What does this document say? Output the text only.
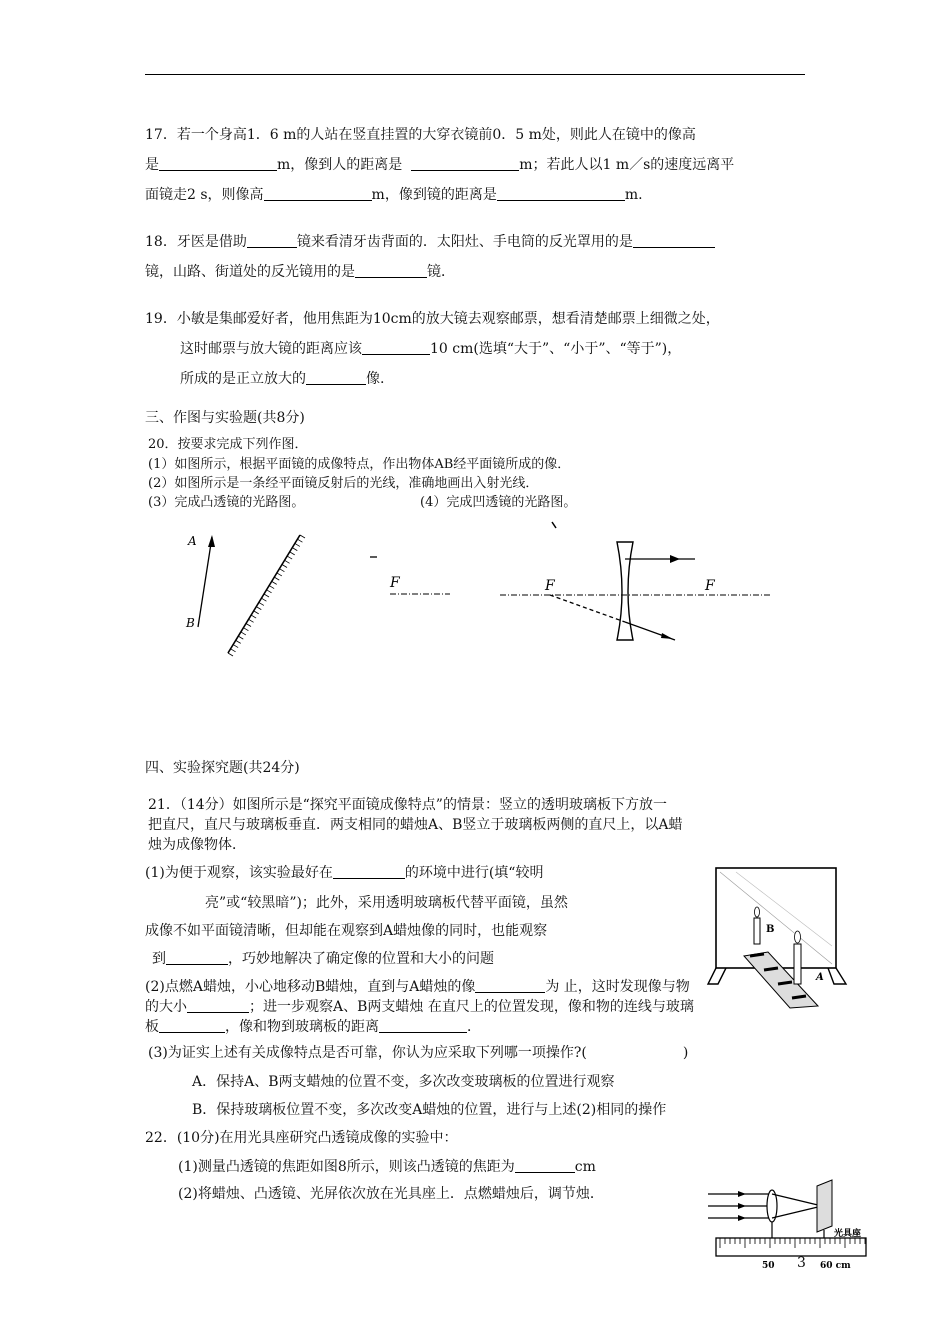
17．若一个身高1．6 m的人站在竖直挂置的大穿衣镜前0．5 m处，则此人在镜中的像高
是	m，像到人的距离是	m；若此人以1 m／s的速度远离平
面镜走2 s，则像高	m，像到镜的距离是	m.
18．牙医是借助	镜来看清牙齿背面的．太阳灶、手电筒的反光罩用的是
镜，山路、街道处的反光镜用的是	镜．
19．小敏是集邮爱好者，他用焦距为10cm的放大镜去观察邮票，想看清楚邮票上细微之处，
这时邮票与放大镜的距离应该	10 cm(选填“大于”、“小于”、“等于”)，
所成的是正立放大的	像.
三、作图与实验题(共8分)
20．按要求完成下列作图．
(1）如图所示，根据平面镜的成像特点，作出物体AB经平面镜所成的像．
(2）如图所示是一条经平面镜反射后的光线，准确地画出入射光线．
(3）完成凸透镜的光路图。	(4）完成凹透镜的光路图。
A
B
F	F	F
四、实验探究题(共24分)
21．（14分）如图所示是“探究平面镜成像特点”的情景：竖立的透明玻璃板下方放一
把直尺，直尺与玻璃板垂直．两支相同的蜡烛A、B竖立于玻璃板两侧的直尺上，以A蜡
烛为成像物体．
(1)为便于观察，该实验最好在	的环境中进行(填“较明
亮”或“较黑暗”)；此外，采用透明玻璃板代替平面镜，虽然
成像不如平面镜清晰，但却能在观察到A蜡烛像的同时，也能观察
到	，巧妙地解决了确定像的位置和大小的问题
(2)点燃A蜡烛，小心地移动B蜡烛，直到与A蜡烛的像	为 止，这时发现像与物
的大小	；进一步观察A、B两支蜡烛 在直尺上的位置发现，像和物的连线与玻璃
板	，像和物到玻璃板的距离	．
(3)为证实上述有关成像特点是否可靠，你认为应采取下列哪一项操作?(	)
A．保持A、B两支蜡烛的位置不变，多次改变玻璃板的位置进行观察
B．保持玻璃板位置不变，多次改变A蜡烛的位置，进行与上述(2)相同的操作
B
A
22．(10分)在用光具座研究凸透镜成像的实验中：
(1)测量凸透镜的焦距如图8所示，则该凸透镜的焦距为	cm
(2)将蜡烛、凸透镜、光屏依次放在光具座上．点燃蜡烛后，调节烛．
光具座
50	60 cm
3
